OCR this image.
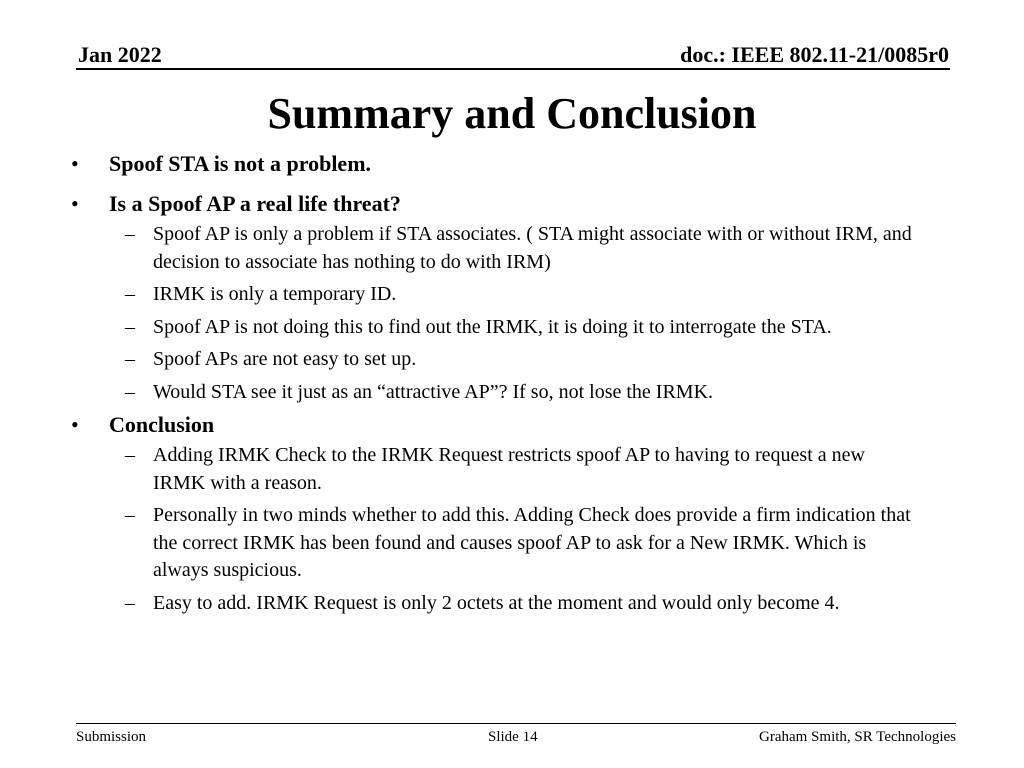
Jan 2022	doc.: IEEE 802.11-21/0085r0
Summary and Conclusion
• Spoof STA is not a problem.
• Is a Spoof AP a real life threat?
– Spoof AP is only a problem if STA associates. ( STA might associate with or without IRM, and decision to associate has nothing to do with IRM)
– IRMK is only a temporary ID.
– Spoof AP is not doing this to find out the IRMK, it is doing it to interrogate the STA.
– Spoof APs are not easy to set up.
– Would STA see it just as an “attractive AP”? If so, not lose the IRMK.
• Conclusion
– Adding IRMK Check to the IRMK Request restricts spoof AP to having to request a new IRMK with a reason.
– Personally in two minds whether to add this. Adding Check does provide a firm indication that the correct IRMK has been found and causes spoof AP to ask for a New IRMK. Which is always suspicious.
– Easy to add. IRMK Request is only 2 octets at the moment and would only become 4.
Submission	Slide 14	Graham Smith, SR Technologies
